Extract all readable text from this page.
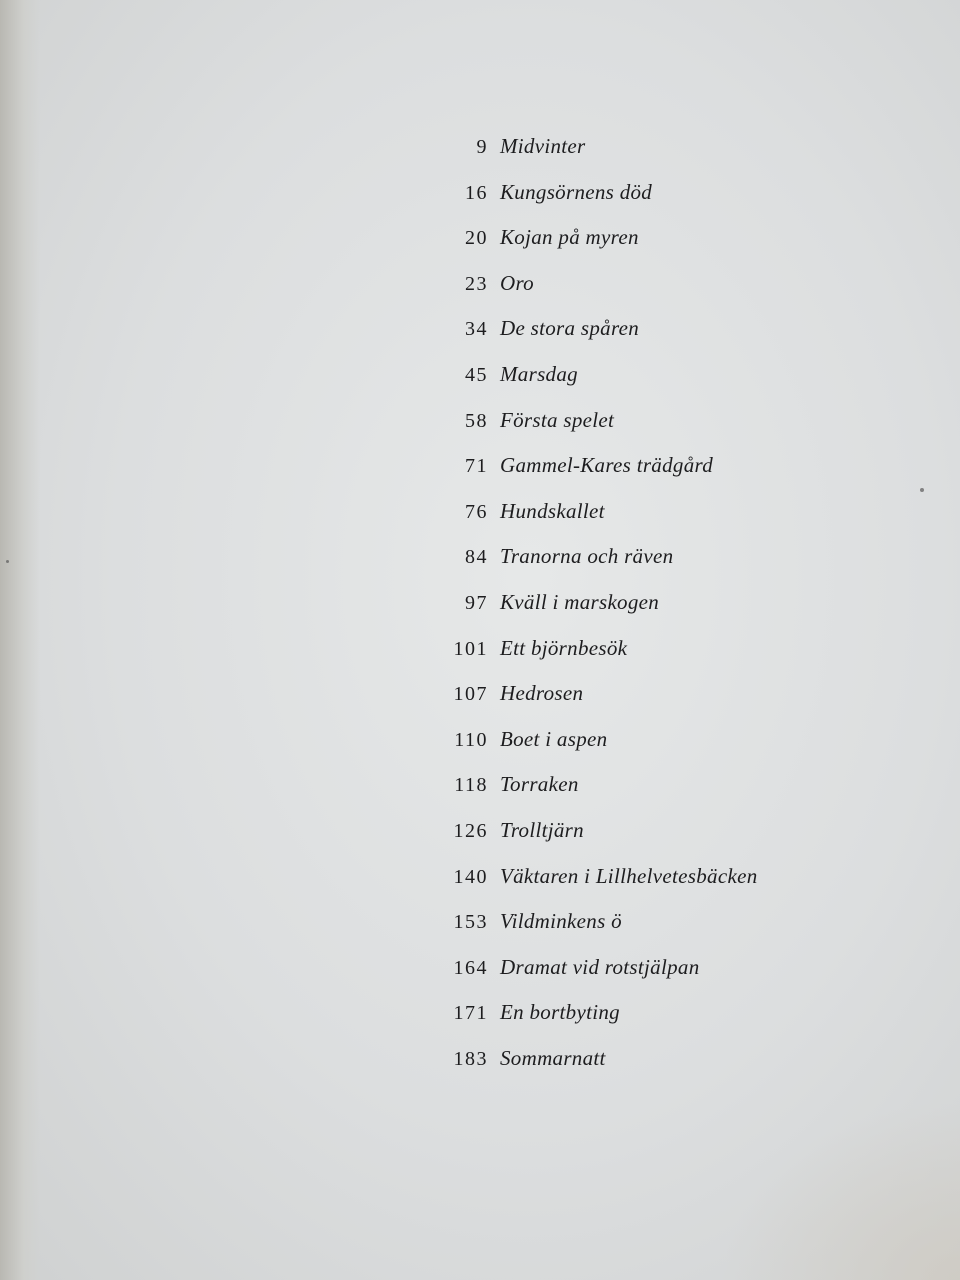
9 Midvinter
16 Kungsörnens död
20 Kojan på myren
23 Oro
34 De stora spåren
45 Marsdag
58 Första spelet
71 Gammel-Kares trädgård
76 Hundskallet
84 Tranorna och räven
97 Kväll i marskogen
101 Ett björnbesök
107 Hedrosen
110 Boet i aspen
118 Torraken
126 Trolltjärn
140 Väktaren i Lillhelvetesbäcken
153 Vildminkens ö
164 Dramat vid rotstjälpan
171 En bortbyting
183 Sommarnatt
